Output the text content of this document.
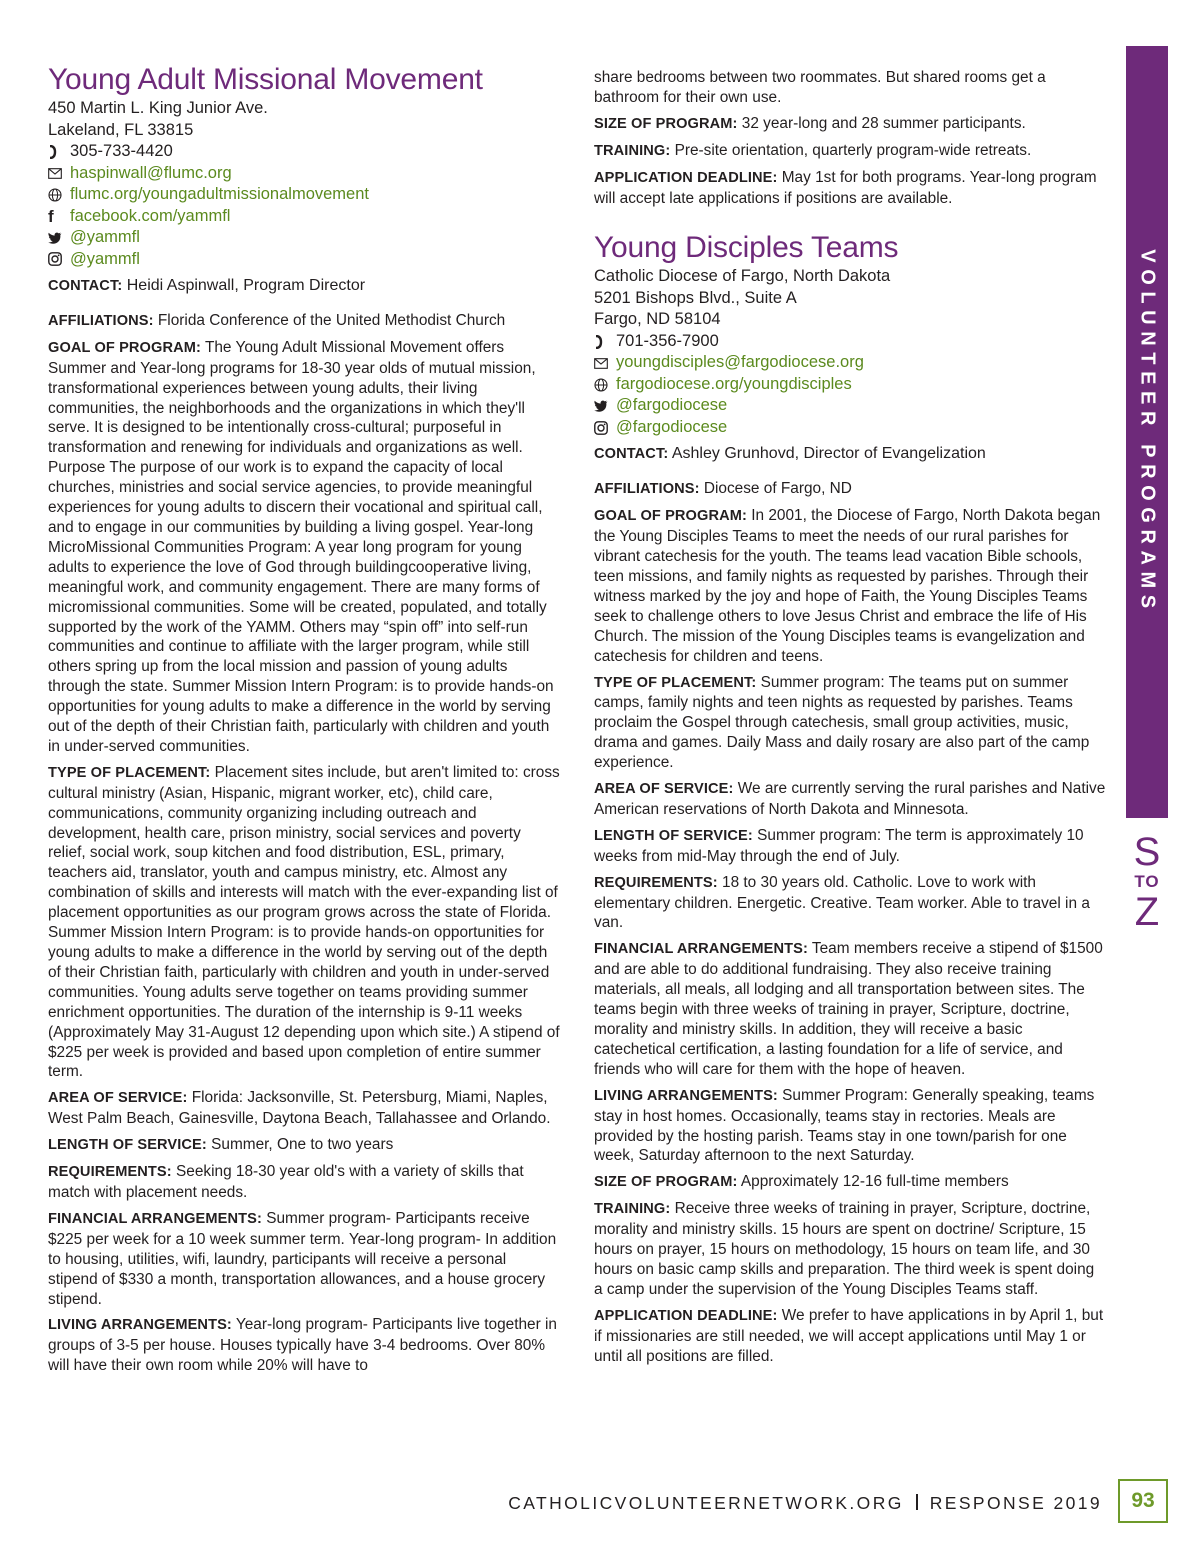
Young Adult Missional Movement
450 Martin L. King Junior Ave.
Lakeland, FL 33815
305-733-4420
haspinwall@flumc.org
flumc.org/youngadultmissionalmovement
f facebook.com/yammfl
@yammfl
@yammfl

CONTACT: Heidi Aspinwall, Program Director

AFFILIATIONS: Florida Conference of the United Methodist Church

GOAL OF PROGRAM: The Young Adult Missional Movement offers Summer and Year-long programs for 18-30 year olds of mutual mission, transformational experiences between young adults, their living communities, the neighborhoods and the organizations in which they'll serve. It is designed to be intentionally cross-cultural; purposeful in transformation and renewing for individuals and organizations as well. Purpose The purpose of our work is to expand the capacity of local churches, ministries and social service agencies, to provide meaningful experiences for young adults to discern their vocational and spiritual call, and to engage in our communities by building a living gospel. Year-long MicroMissional Communities Program: A year long program for young adults to experience the love of God through buildingcooperative living, meaningful work, and community engagement. There are many forms of micromissional communities. Some will be created, populated, and totally supported by the work of the YAMM. Others may “spin off” into self-run communities and continue to affiliate with the larger program, while still others spring up from the local mission and passion of young adults through the state. Summer Mission Intern Program: is to provide hands-on opportunities for young adults to make a difference in the world by serving out of the depth of their Christian faith, particularly with children and youth in under-served communities.

TYPE OF PLACEMENT: Placement sites include, but aren't limited to: cross cultural ministry (Asian, Hispanic, migrant worker, etc), child care, communications, community organizing including outreach and development, health care, prison ministry, social services and poverty relief, social work, soup kitchen and food distribution, ESL, primary, teachers aid, translator, youth and campus ministry, etc. Almost any combination of skills and interests will match with the ever-expanding list of placement opportunities as our program grows across the state of Florida. Summer Mission Intern Program: is to provide hands-on opportunities for young adults to make a difference in the world by serving out of the depth of their Christian faith, particularly with children and youth in under-served communities. Young adults serve together on teams providing summer enrichment opportunities. The duration of the internship is 9-11 weeks (Approximately May 31-August 12 depending upon which site.) A stipend of $225 per week is provided and based upon completion of entire summer term.

AREA OF SERVICE: Florida: Jacksonville, St. Petersburg, Miami, Naples, West Palm Beach, Gainesville, Daytona Beach, Tallahassee and Orlando.

LENGTH OF SERVICE: Summer, One to two years

REQUIREMENTS: Seeking 18-30 year old's with a variety of skills that match with placement needs.

FINANCIAL ARRANGEMENTS: Summer program- Participants receive $225 per week for a 10 week summer term. Year-long program- In addition to housing, utilities, wifi, laundry, participants will receive a personal stipend of $330 a month, transportation allowances, and a house grocery stipend.

LIVING ARRANGEMENTS: Year-long program- Participants live together in groups of 3-5 per house. Houses typically have 3-4 bedrooms. Over 80% will have their own room while 20% will have to

share bedrooms between two roommates. But shared rooms get a bathroom for their own use.

SIZE OF PROGRAM: 32 year-long and 28 summer participants.

TRAINING: Pre-site orientation, quarterly program-wide retreats.

APPLICATION DEADLINE: May 1st for both programs. Year-long program will accept late applications if positions are available.

Young Disciples Teams
Catholic Diocese of Fargo, North Dakota
5201 Bishops Blvd., Suite A
Fargo, ND 58104
701-356-7900
youngdisciples@fargodiocese.org
fargodiocese.org/youngdisciples
@fargodiocese
@fargodiocese

CONTACT: Ashley Grunhovd, Director of Evangelization

AFFILIATIONS: Diocese of Fargo, ND

GOAL OF PROGRAM: In 2001, the Diocese of Fargo, North Dakota began the Young Disciples Teams to meet the needs of our rural parishes for vibrant catechesis for the youth. The teams lead vacation Bible schools, teen missions, and family nights as requested by parishes. Through their witness marked by the joy and hope of Faith, the Young Disciples Teams seek to challenge others to love Jesus Christ and embrace the life of His Church. The mission of the Young Disciples teams is evangelization and catechesis for children and teens.

TYPE OF PLACEMENT: Summer program: The teams put on summer camps, family nights and teen nights as requested by parishes. Teams proclaim the Gospel through catechesis, small group activities, music, drama and games. Daily Mass and daily rosary are also part of the camp experience.

AREA OF SERVICE: We are currently serving the rural parishes and Native American reservations of North Dakota and Minnesota.

LENGTH OF SERVICE: Summer program: The term is approximately 10 weeks from mid-May through the end of July.

REQUIREMENTS: 18 to 30 years old. Catholic. Love to work with elementary children. Energetic. Creative. Team worker. Able to travel in a van.

FINANCIAL ARRANGEMENTS: Team members receive a stipend of $1500 and are able to do additional fundraising. They also receive training materials, all meals, all lodging and all transportation between sites. The teams begin with three weeks of training in prayer, Scripture, doctrine, morality and ministry skills. In addition, they will receive a basic catechetical certification, a lasting foundation for a life of service, and friends who will care for them with the hope of heaven.

LIVING ARRANGEMENTS: Summer Program: Generally speaking, teams stay in host homes. Occasionally, teams stay in rectories. Meals are provided by the hosting parish. Teams stay in one town/parish for one week, Saturday afternoon to the next Saturday.

SIZE OF PROGRAM: Approximately 12-16 full-time members

TRAINING: Receive three weeks of training in prayer, Scripture, doctrine, morality and ministry skills. 15 hours are spent on doctrine/ Scripture, 15 hours on prayer, 15 hours on methodology, 15 hours on team life, and 30 hours on basic camp skills and preparation. The third week is spent doing a camp under the supervision of the Young Disciples Teams staff.

APPLICATION DEADLINE: We prefer to have applications in by April 1, but if missionaries are still needed, we will accept applications until May 1 or until all positions are filled.

VOLUNTEER PROGRAMS
S
TO
Z
CATHOLICVOLUNTEERNETWORK.ORG RESPONSE 2019	93
